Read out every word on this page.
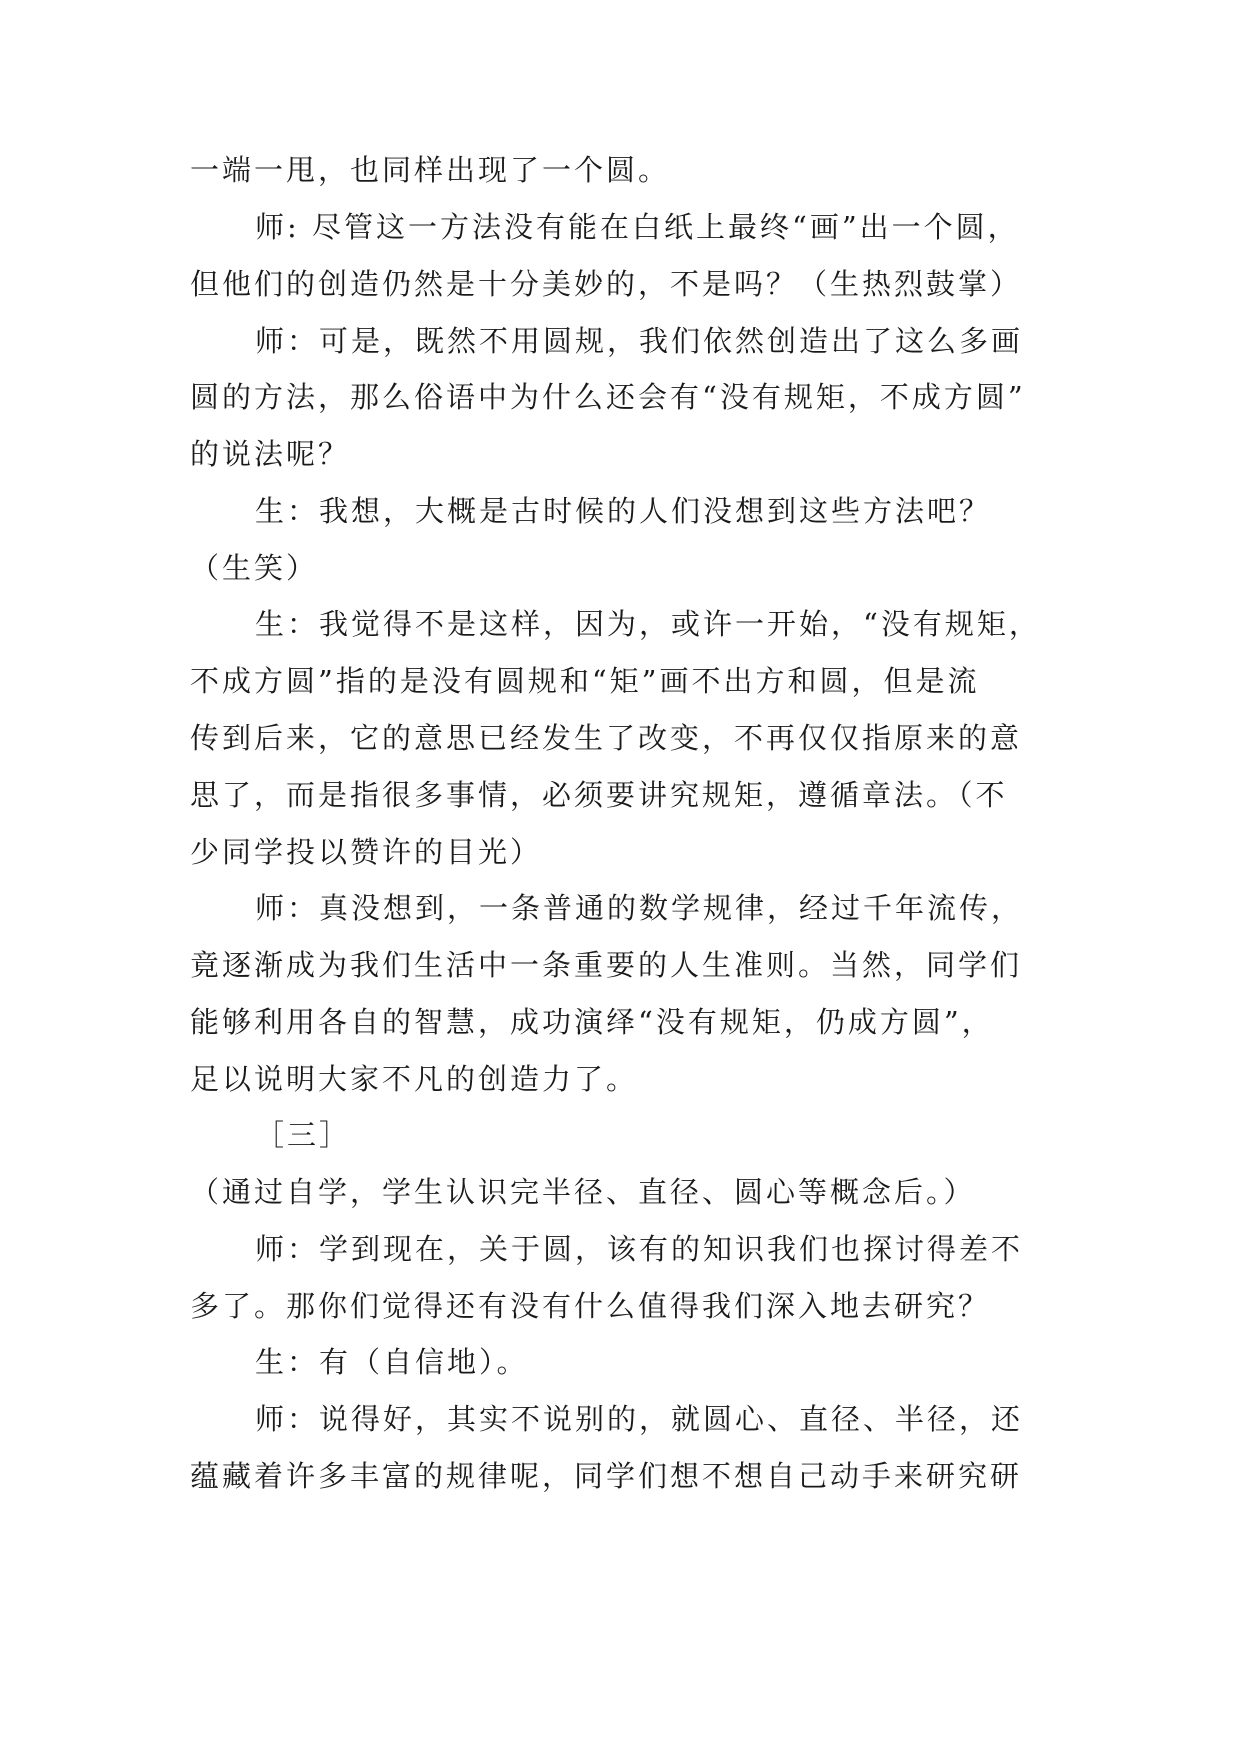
一端一甩，也同样出现了一个圆。
师: 尽管这一方法没有能在白纸上最终“画”出一个圆，
但他们的创造仍然是十分美妙的，不是吗？（生热烈鼓掌）
师：可是，既然不用圆规，我们依然创造出了这么多画
圆的方法，那么俗语中为什么还会有“没有规矩，不成方圆”
的说法呢？
生：我想，大概是古时候的人们没想到这些方法吧？
（生笑）
生：我觉得不是这样，因为，或许一开始，“没有规矩，
不成方圆”指的是没有圆规和“矩”画不出方和圆，但是流
传到后来，它的意思已经发生了改变，不再仅仅指原来的意
思了，而是指很多事情，必须要讲究规矩，遵循章法。（不
少同学投以赞许的目光）
师：真没想到，一条普通的数学规律，经过千年流传，
竟逐渐成为我们生活中一条重要的人生准则。当然，同学们
能够利用各自的智慧，成功演绎“没有规矩，仍成方圆”，
足以说明大家不凡的创造力了。
［三］
（通过自学，学生认识完半径、直径、圆心等概念后。）
师：学到现在，关于圆，该有的知识我们也探讨得差不
多了。那你们觉得还有没有什么值得我们深入地去研究？
生：有（自信地）。
师：说得好，其实不说别的，就圆心、直径、半径，还
蕴藏着许多丰富的规律呢，同学们想不想自己动手来研究研
